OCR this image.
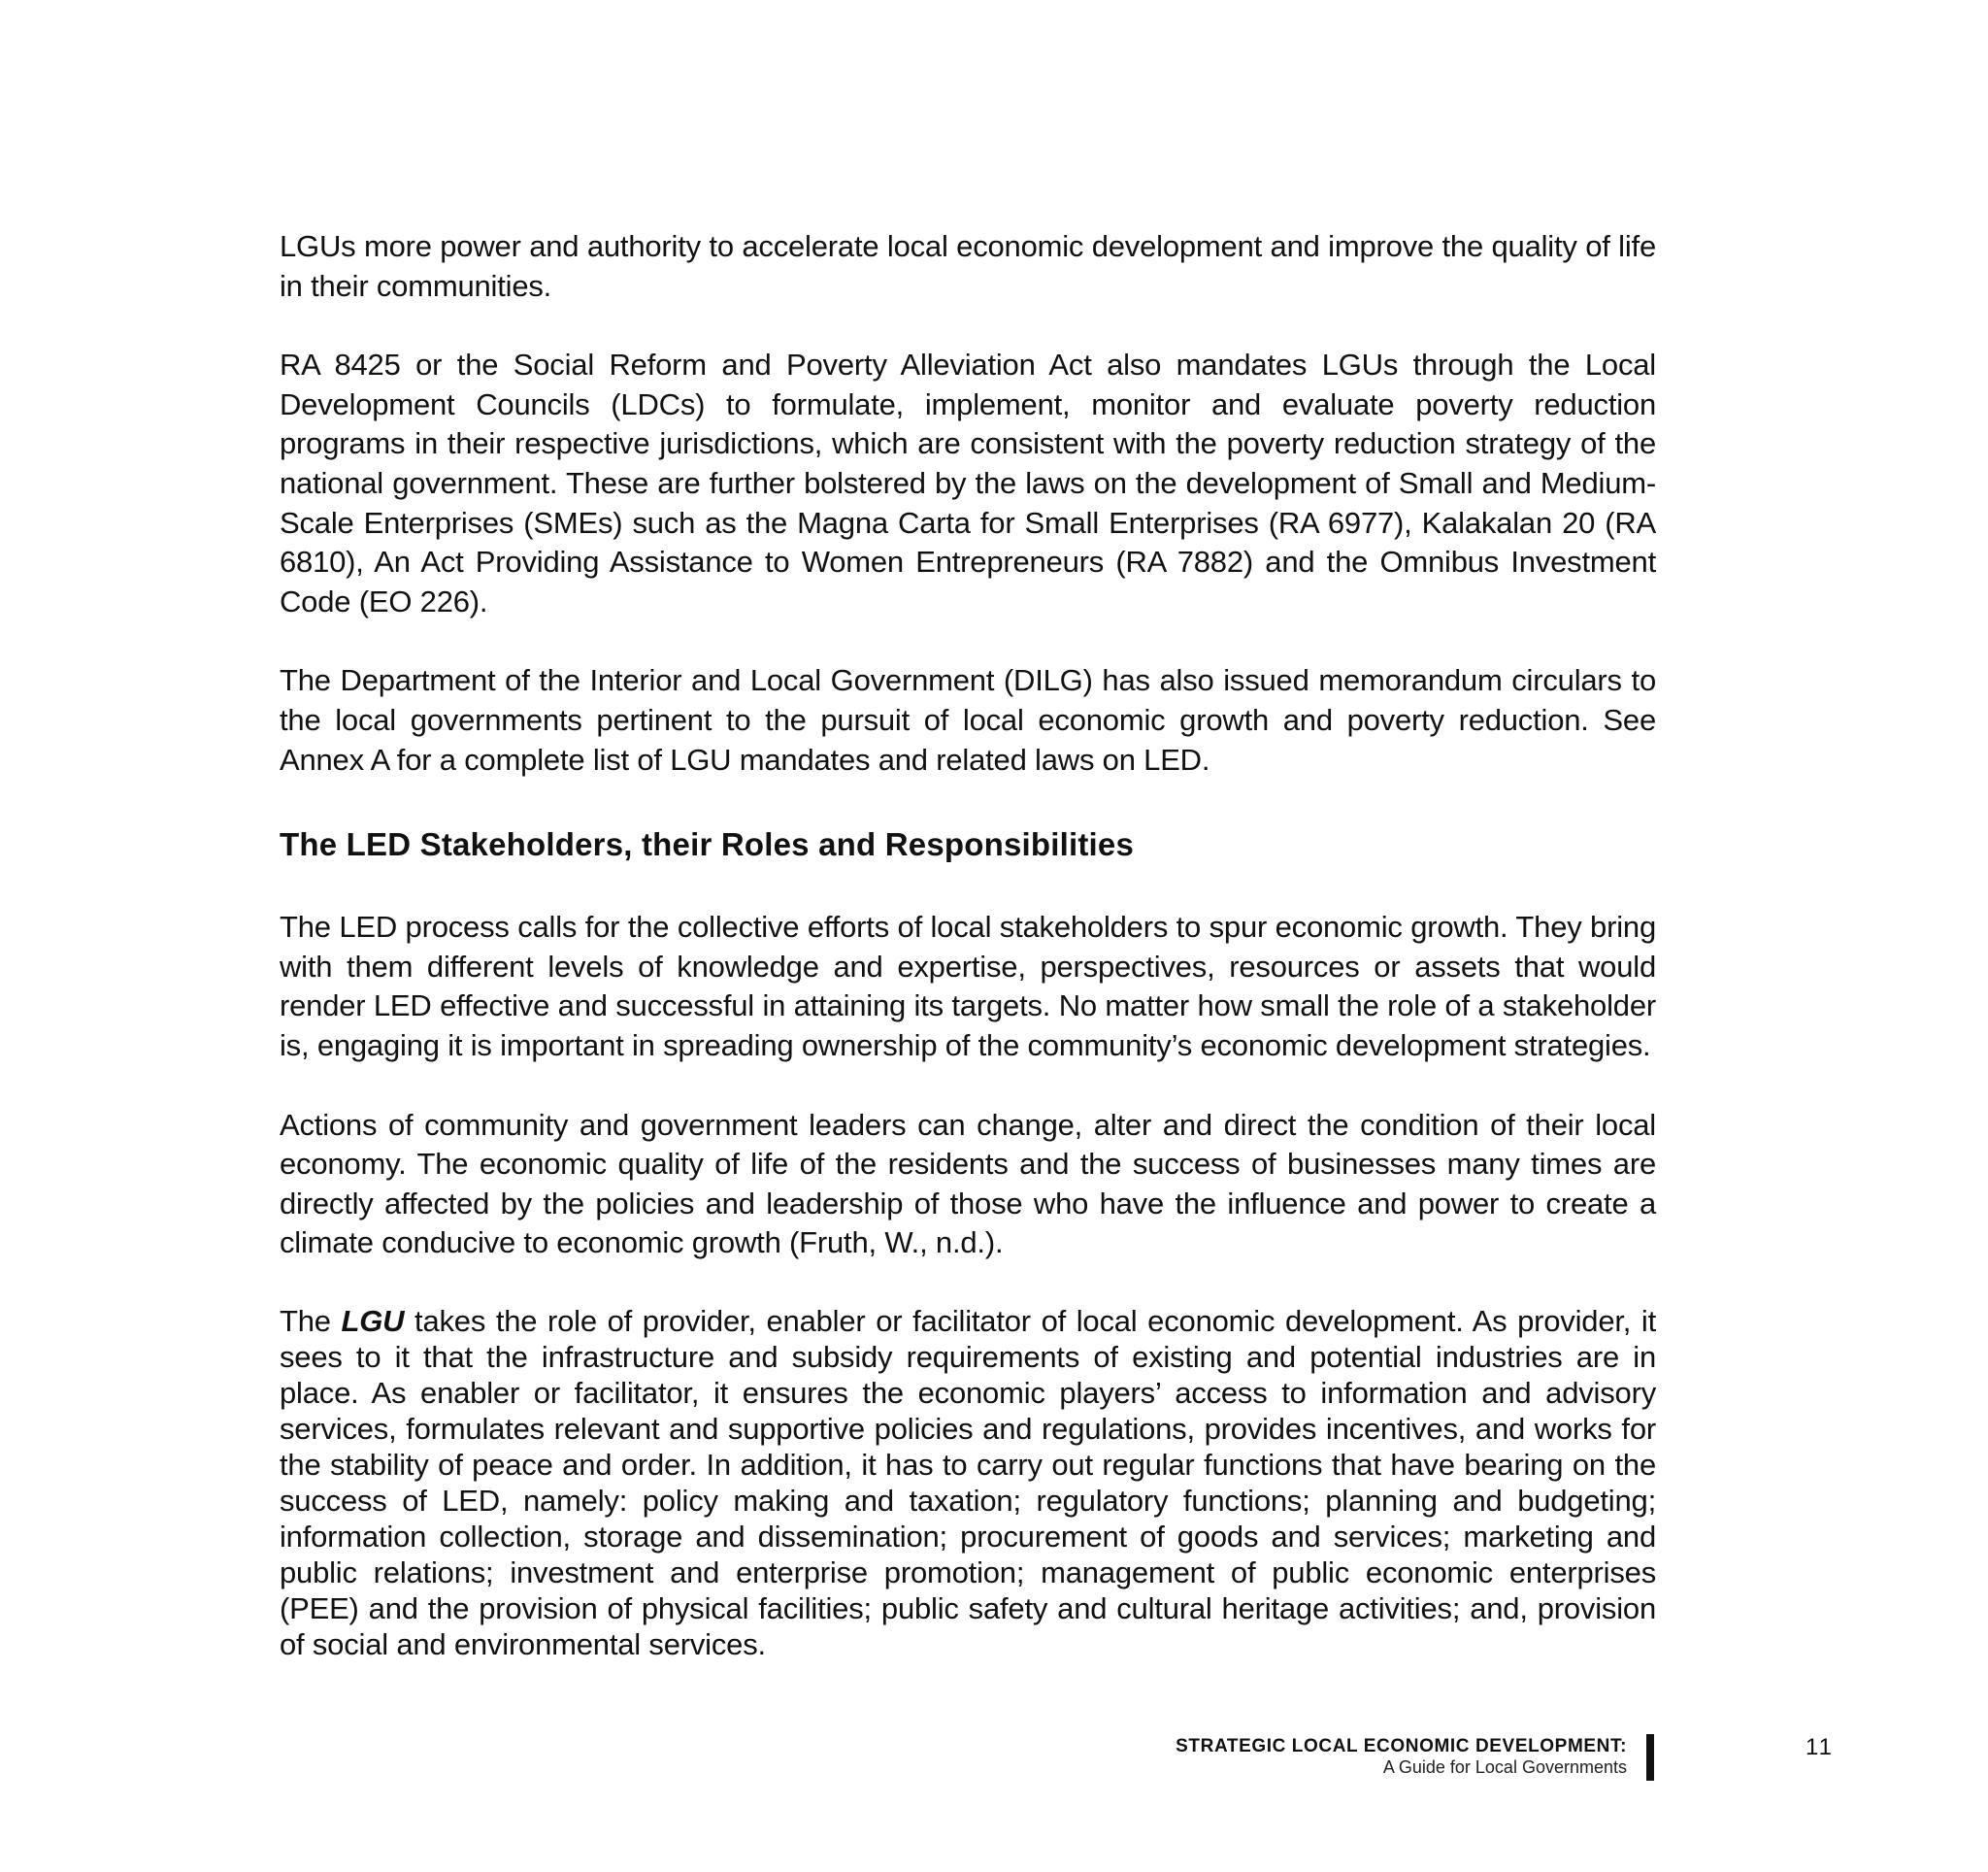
LGUs more power and authority to accelerate local economic development and improve the quality of life in their communities.

RA 8425 or the Social Reform and Poverty Alleviation Act also mandates LGUs through the Local Development Councils (LDCs) to formulate, implement, monitor and evaluate poverty reduction programs in their respective jurisdictions, which are consistent with the poverty reduction strategy of the national government. These are further bolstered by the laws on the development of Small and Medium-Scale Enterprises (SMEs) such as the Magna Carta for Small Enterprises (RA 6977), Kalakalan 20 (RA 6810), An Act Providing Assistance to Women Entrepreneurs (RA 7882) and the Omnibus Investment Code (EO 226).

The Department of the Interior and Local Government (DILG) has also issued memorandum circulars to the local governments pertinent to the pursuit of local economic growth and poverty reduction. See Annex A for a complete list of LGU mandates and related laws on LED.

The LED Stakeholders, their Roles and Responsibilities

The LED process calls for the collective efforts of local stakeholders to spur economic growth. They bring with them different levels of knowledge and expertise, perspectives, resources or assets that would render LED effective and successful in attaining its targets. No matter how small the role of a stakeholder is, engaging it is important in spreading ownership of the community’s economic development strategies.

Actions of community and government leaders can change, alter and direct the condition of their local economy. The economic quality of life of the residents and the success of businesses many times are directly affected by the policies and leadership of those who have the influence and power to create a climate conducive to economic growth (Fruth, W., n.d.).

The LGU takes the role of provider, enabler or facilitator of local economic development. As provider, it sees to it that the infrastructure and subsidy requirements of existing and potential industries are in place. As enabler or facilitator, it ensures the economic players’ access to information and advisory services, formulates relevant and supportive policies and regulations, provides incentives, and works for the stability of peace and order. In addition, it has to carry out regular functions that have bearing on the success of LED, namely: policy making and taxation; regulatory functions; planning and budgeting; information collection, storage and dissemination; procurement of goods and services; marketing and public relations; investment and enterprise promotion; management of public economic enterprises (PEE) and the provision of physical facilities; public safety and cultural heritage activities; and, provision of social and environmental services.

STRATEGIC LOCAL ECONOMIC DEVELOPMENT:
A Guide for Local Governments
11
